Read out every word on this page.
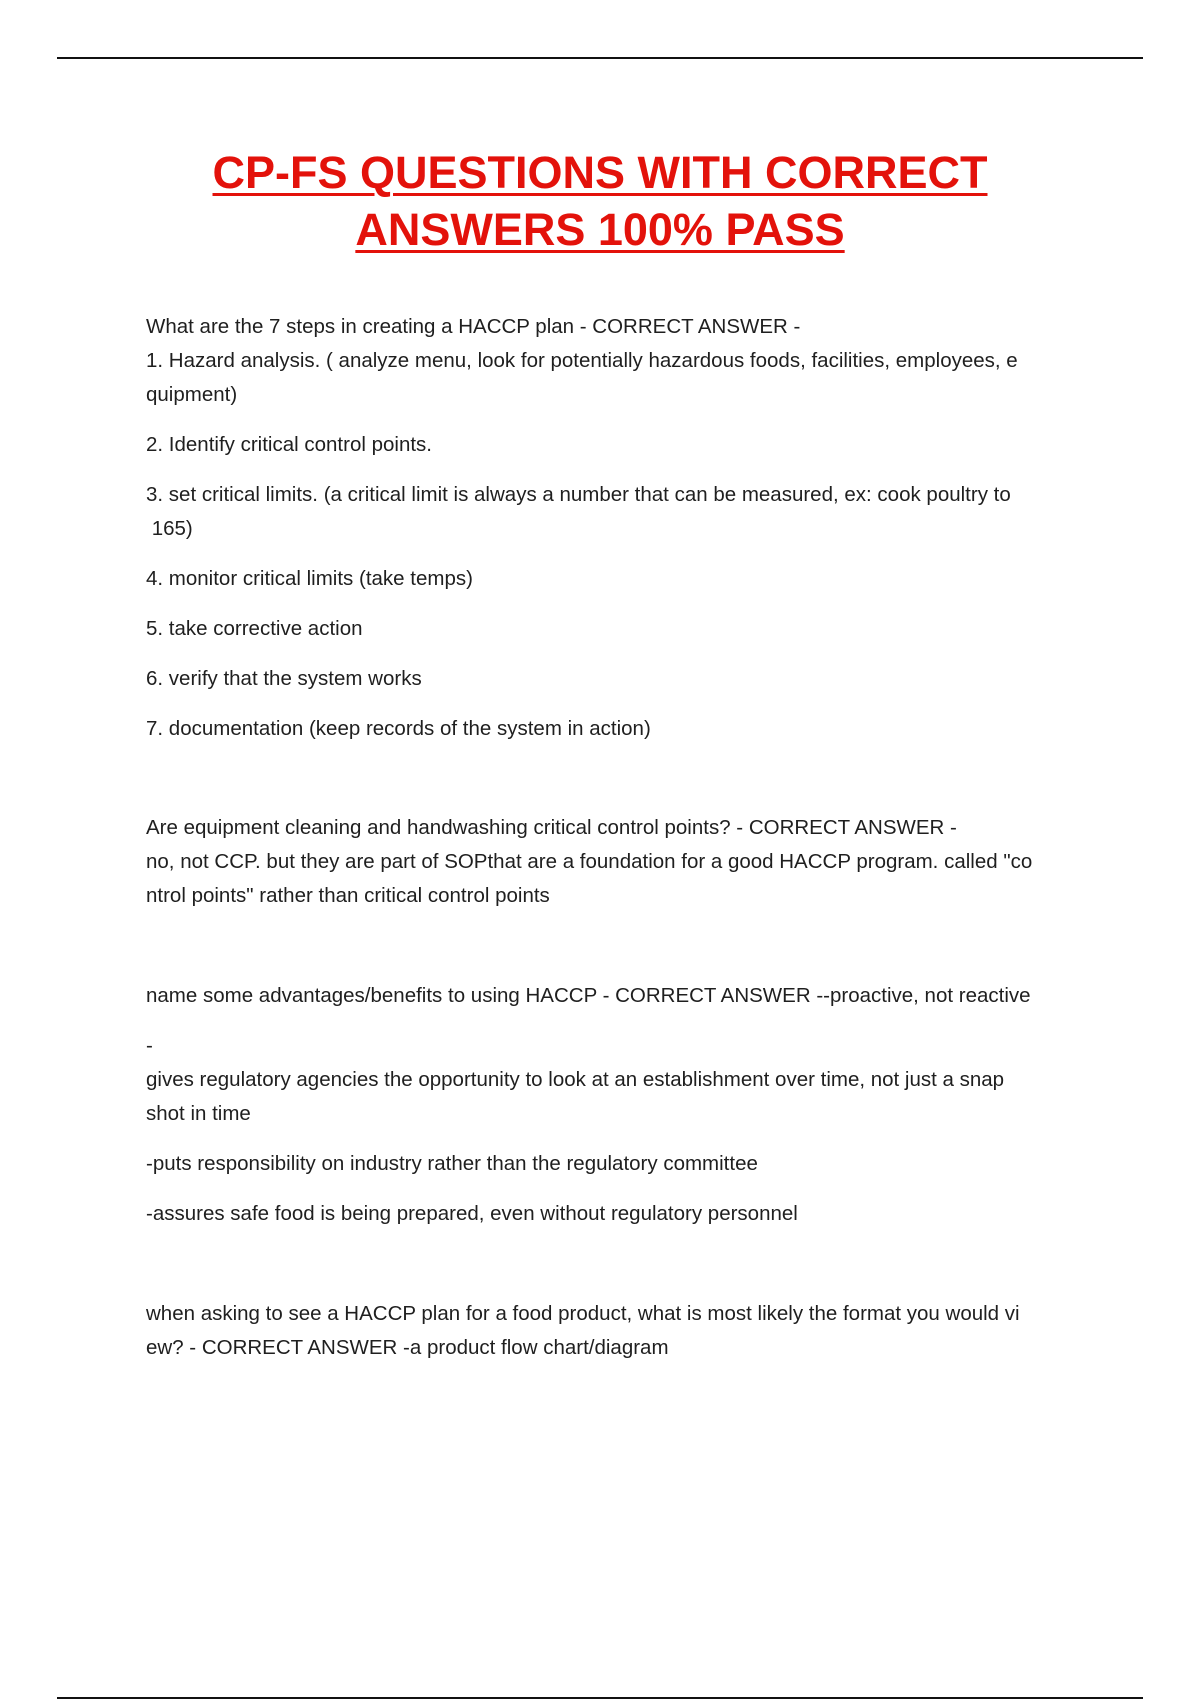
CP-FS QUESTIONS WITH CORRECT
ANSWERS 100% PASS

What are the 7 steps in creating a HACCP plan - CORRECT ANSWER -

1. Hazard analysis. ( analyze menu, look for potentially hazardous foods, facilities, employees, e

quipment)

2. Identify critical control points.

3. set critical limits. (a critical limit is always a number that can be measured, ex: cook poultry to

165)

4. monitor critical limits (take temps)

5. take corrective action

6. verify that the system works

7. documentation (keep records of the system in action)

Are equipment cleaning and handwashing critical control points? - CORRECT ANSWER -

no, not CCP. but they are part of SOPthat are a foundation for a good HACCP program. called "co

ntrol points" rather than critical control points

name some advantages/benefits to using HACCP - CORRECT ANSWER --proactive, not reactive

-

gives regulatory agencies the opportunity to look at an establishment over time, not just a snap

shot in time

-puts responsibility on industry rather than the regulatory committee

-assures safe food is being prepared, even without regulatory personnel

when asking to see a HACCP plan for a food product, what is most likely the format you would vi

ew? - CORRECT ANSWER -a product flow chart/diagram
